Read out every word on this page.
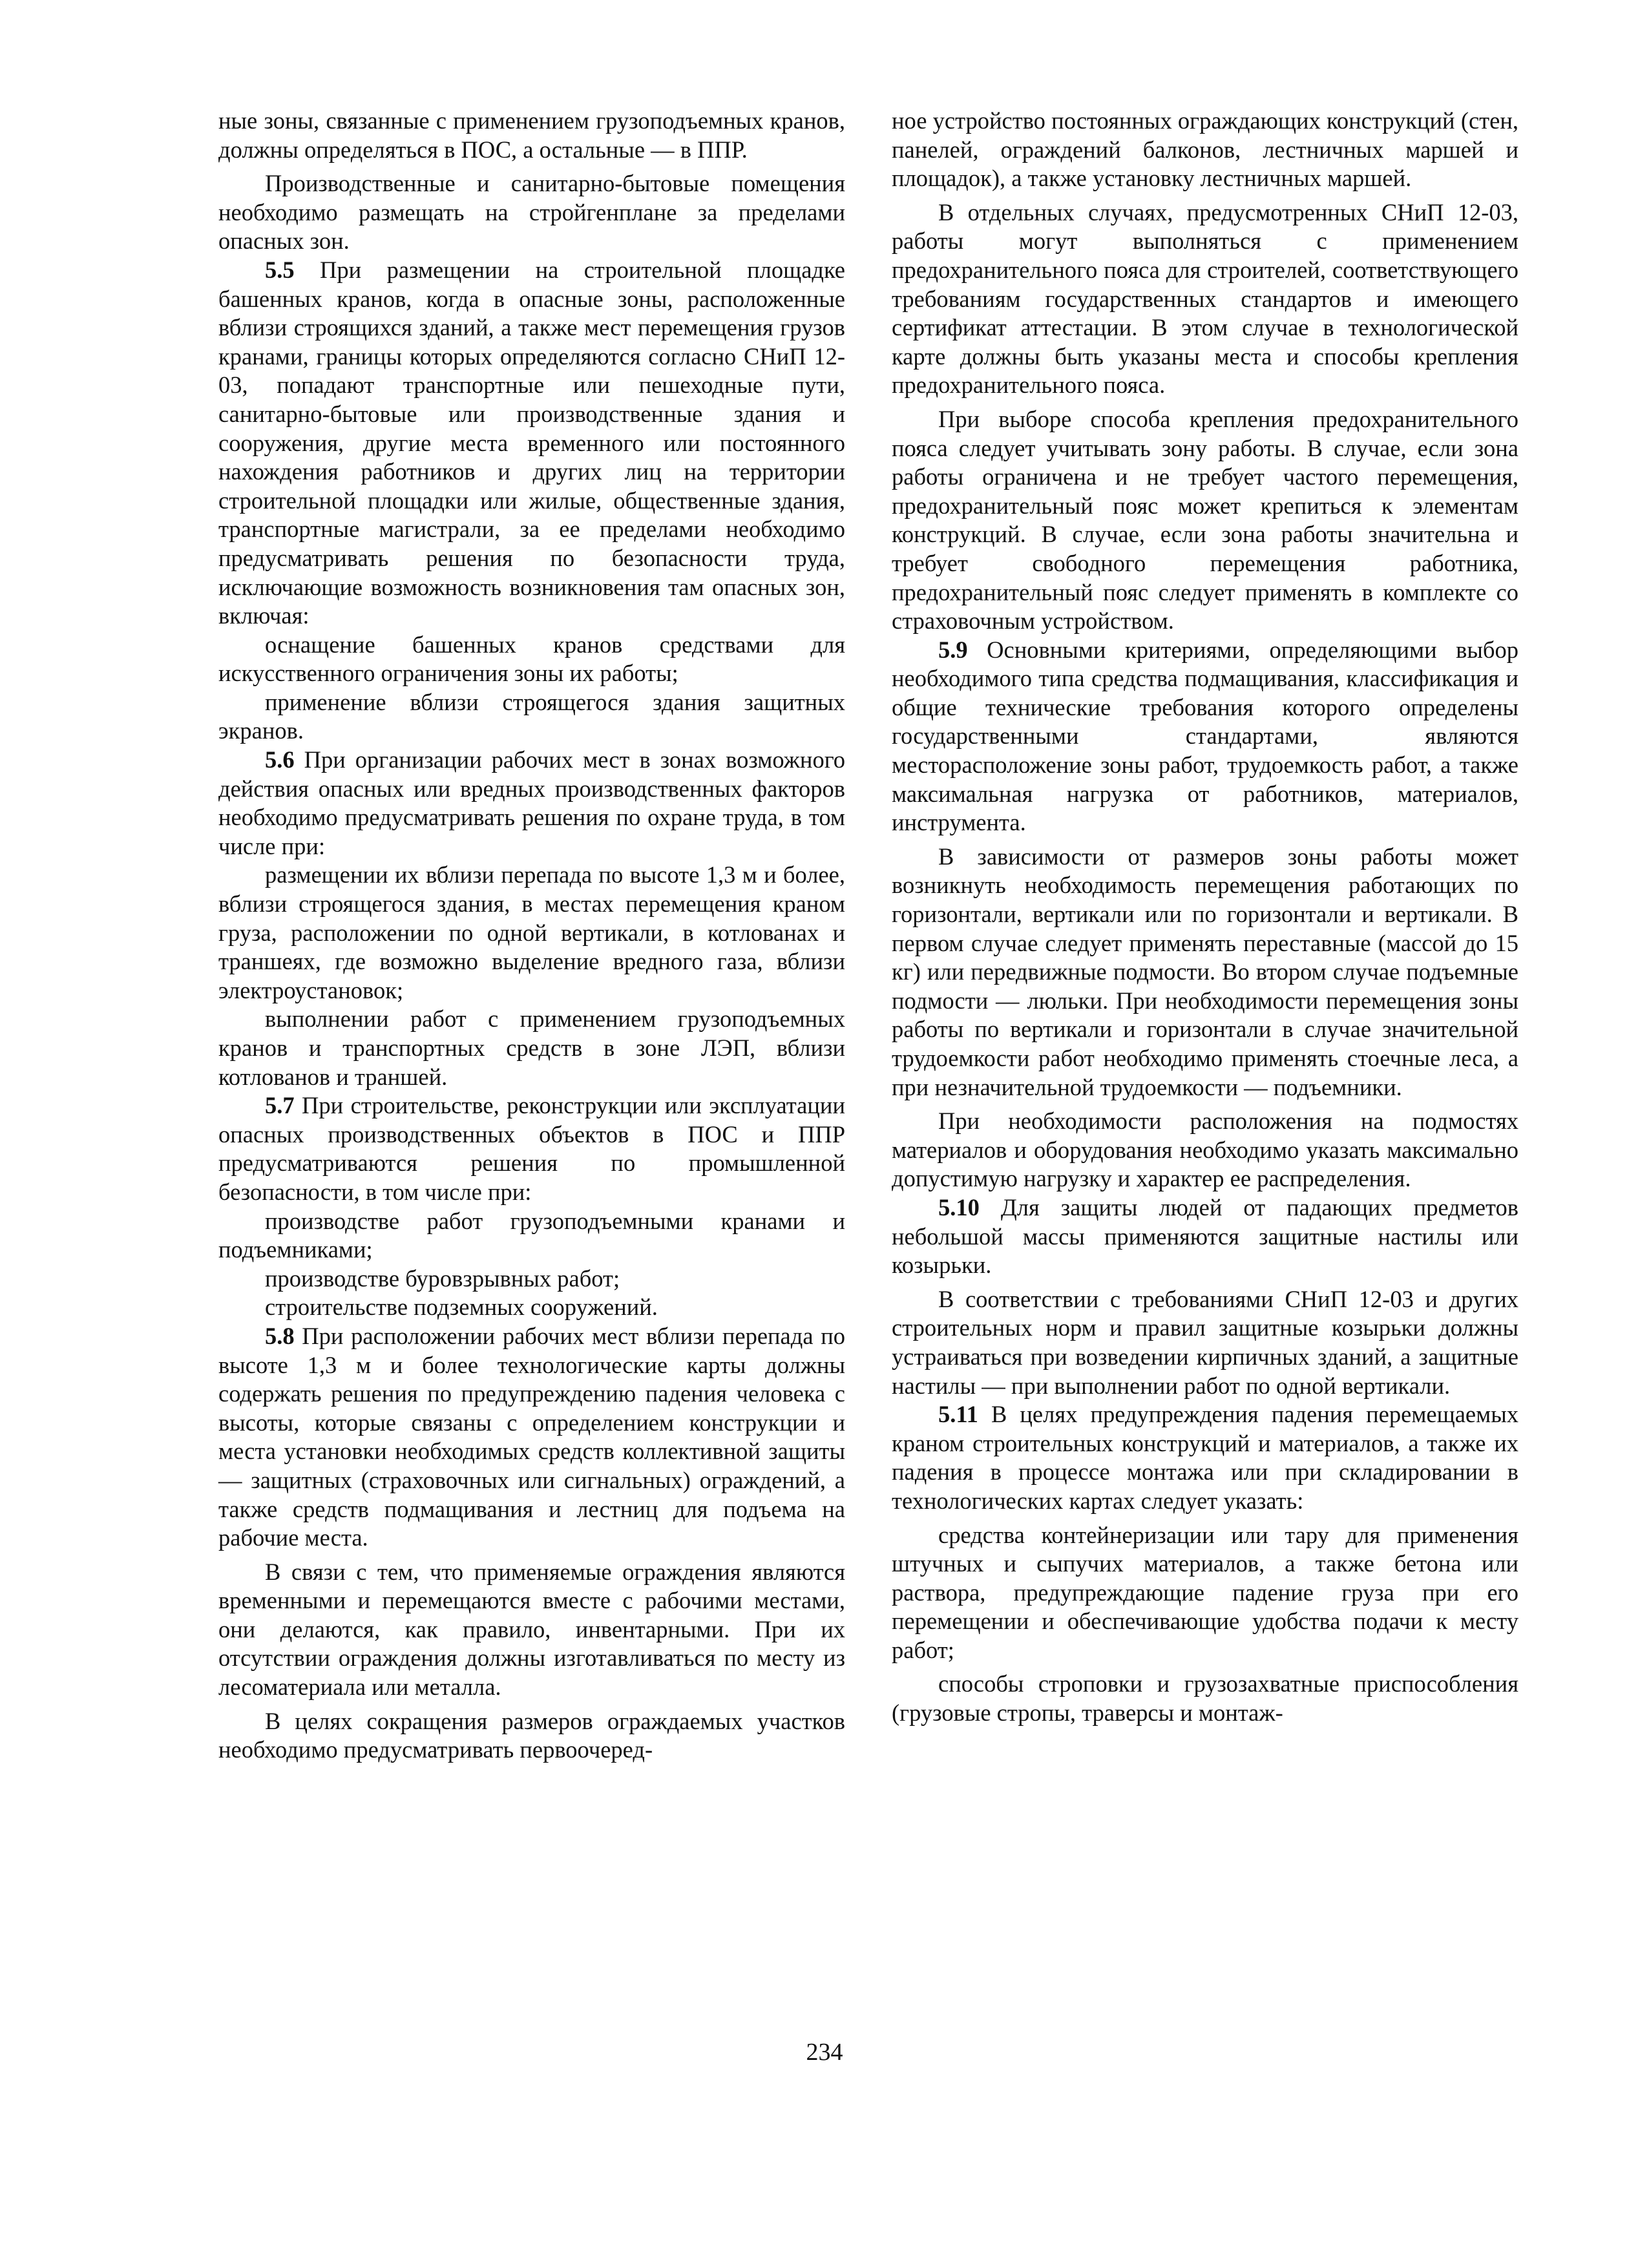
ные зоны, связанные с применением грузоподъемных кранов, должны определяться в ПОС, а остальные — в ППР.

Производственные и санитарно-бытовые помещения необходимо размещать на стройгенплане за пределами опасных зон.

5.5 При размещении на строительной площадке башенных кранов, когда в опасные зоны, расположенные вблизи строящихся зданий, а также мест перемещения грузов кранами, границы которых определяются согласно СНиП 12-03, попадают транспортные или пешеходные пути, санитарно-бытовые или производственные здания и сооружения, другие места временного или постоянного нахождения работников и других лиц на территории строительной площадки или жилые, общественные здания, транспортные магистрали, за ее пределами необходимо предусматривать решения по безопасности труда, исключающие возможность возникновения там опасных зон, включая:

оснащение башенных кранов средствами для искусственного ограничения зоны их работы;

применение вблизи строящегося здания защитных экранов.

5.6 При организации рабочих мест в зонах возможного действия опасных или вредных производственных факторов необходимо предусматривать решения по охране труда, в том числе при:

размещении их вблизи перепада по высоте 1,3 м и более, вблизи строящегося здания, в местах перемещения краном груза, расположении по одной вертикали, в котлованах и траншеях, где возможно выделение вредного газа, вблизи электроустановок;

выполнении работ с применением грузоподъемных кранов и транспортных средств в зоне ЛЭП, вблизи котлованов и траншей.

5.7 При строительстве, реконструкции или эксплуатации опасных производственных объектов в ПОС и ППР предусматриваются решения по промышленной безопасности, в том числе при:

производстве работ грузоподъемными кранами и подъемниками;

производстве буровзрывных работ;

строительстве подземных сооружений.

5.8 При расположении рабочих мест вблизи перепада по высоте 1,3 м и более технологические карты должны содержать решения по предупреждению падения человека с высоты, которые связаны с определением конструкции и места установки необходимых средств коллективной защиты — защитных (страховочных или сигнальных) ограждений, а также средств подмащивания и лестниц для подъема на рабочие места.

В связи с тем, что применяемые ограждения являются временными и перемещаются вместе с рабочими местами, они делаются, как правило, инвентарными. При их отсутствии ограждения должны изготавливаться по месту из лесоматериала или металла.

В целях сокращения размеров ограждаемых участков необходимо предусматривать первоочеред-

ное устройство постоянных ограждающих конструкций (стен, панелей, ограждений балконов, лестничных маршей и площадок), а также установку лестничных маршей.

В отдельных случаях, предусмотренных СНиП 12-03, работы могут выполняться с применением предохранительного пояса для строителей, соответствующего требованиям государственных стандартов и имеющего сертификат аттестации. В этом случае в технологической карте должны быть указаны места и способы крепления предохранительного пояса.

При выборе способа крепления предохранительного пояса следует учитывать зону работы. В случае, если зона работы ограничена и не требует частого перемещения, предохранительный пояс может крепиться к элементам конструкций. В случае, если зона работы значительна и требует свободного перемещения работника, предохранительный пояс следует применять в комплекте со страховочным устройством.

5.9 Основными критериями, определяющими выбор необходимого типа средства подмащивания, классификация и общие технические требования которого определены государственными стандартами, являются месторасположение зоны работ, трудоемкость работ, а также максимальная нагрузка от работников, материалов, инструмента.

В зависимости от размеров зоны работы может возникнуть необходимость перемещения работающих по горизонтали, вертикали или по горизонтали и вертикали. В первом случае следует применять переставные (массой до 15 кг) или передвижные подмости. Во втором случае подъемные подмости — люльки. При необходимости перемещения зоны работы по вертикали и горизонтали в случае значительной трудоемкости работ необходимо применять стоечные леса, а при незначительной трудоемкости — подъемники.

При необходимости расположения на подмостях материалов и оборудования необходимо указать максимально допустимую нагрузку и характер ее распределения.

5.10 Для защиты людей от падающих предметов небольшой массы применяются защитные настилы или козырьки.

В соответствии с требованиями СНиП 12-03 и других строительных норм и правил защитные козырьки должны устраиваться при возведении кирпичных зданий, а защитные настилы — при выполнении работ по одной вертикали.

5.11 В целях предупреждения падения перемещаемых краном строительных конструкций и материалов, а также их падения в процессе монтажа или при складировании в технологических картах следует указать:

средства контейнеризации или тару для применения штучных и сыпучих материалов, а также бетона или раствора, предупреждающие падение груза при его перемещении и обеспечивающие удобства подачи к месту работ;

способы строповки и грузозахватные приспособления (грузовые стропы, траверсы и монтаж-

234
